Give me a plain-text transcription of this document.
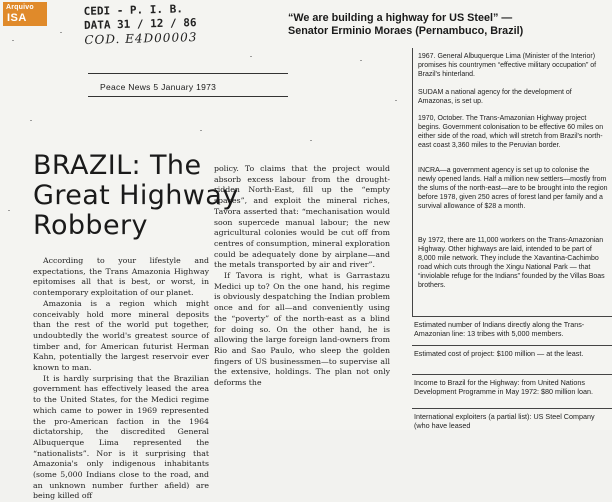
Arquivo
ISA
CEDI - P. I. B.
DATA 31 / 12 / 86
COD. E4D00003
“We are building a highway for US Steel” —
Senator Erminio Moraes (Pernambuco, Brazil)
Peace News 5 January 1973
BRAZIL: The
Great Highway
Robbery

According to your lifestyle and expectations, the Trans Amazonia Highway epitomises all that is best, or worst, in contemporary exploitation of our planet.

Amazonia is a region which might conceivably hold more mineral deposits than the rest of the world put together, undoubtedly the world's greatest source of timber and, for American futurist Herman Kahn, potentially the largest reservoir ever known to man.

It is hardly surprising that the Brazilian government has effectively leased the area to the United States, for the Medici regime which came to power in 1969 represented the pro-American faction in the 1964 dictatorship, the discredited General Albuquerque Lima represented the “nationalists”. Nor is it surprising that Amazonia's only indigenous inhabitants (some 5,000 Indians close to the road, and an unknown number further afield) are being killed off

policy. To claims that the project would absorb excess labour from the drought-ridden North-East, fill up the “empty spaces”, and exploit the mineral riches, Tavora asserted that: “mechanisation would soon supercede manual labour; the new agricultural colonies would be cut off from centres of consumption, mineral exploration could be adequately done by airplane—and the metals transported by air and river”.

If Tavora is right, what is Garrastazu Medici up to? On the one hand, his regime is obviously despatching the Indian problem once and for all—and conveniently using the “poverty” of the north-east as a blind for doing so. On the other hand, he is allowing the large foreign land-owners from Rio and Sao Paulo, who sleep the golden fingers of US businessmen—to supervise all the extensive, holdings. The plan not only deforms the

1967. General Albuquerque Lima (Minister of the Interior) promises his countrymen “effective military occupation” of Brazil's hinterland.
SUDAM a national agency for the development of Amazonas, is set up.
1970, October. The Trans-Amazonian Highway project begins. Government colonisation to be effective 60 miles on either side of the road, which will stretch from Brazil's north-east coast 3,360 miles to the Peruvian border.
INCRA—a government agency is set up to colonise the newly opened lands. Half a million new settlers—mostly from the slums of the north-east—are to be brought into the region before 1978, given 250 acres of forest land per family and a survival allowance of $28 a month.
By 1972, there are 11,000 workers on the Trans-Amazonian Highway. Other highways are laid, intended to be part of 8,000 mile network. They include the Xavantina-Cachimbo road which cuts through the Xingu National Park — that “inviolable refuge for the Indians” founded by the Villas Boas brothers.
Estimated number of Indians directly along the Trans-Amazonian line: 13 tribes with 5,000 members.
Estimated cost of project: $100 million — at the least.
Income to Brazil for the Highway: from United Nations Development Programme in May 1972: $80 million loan.
International exploiters (a partial list): US Steel Company (who have leased
